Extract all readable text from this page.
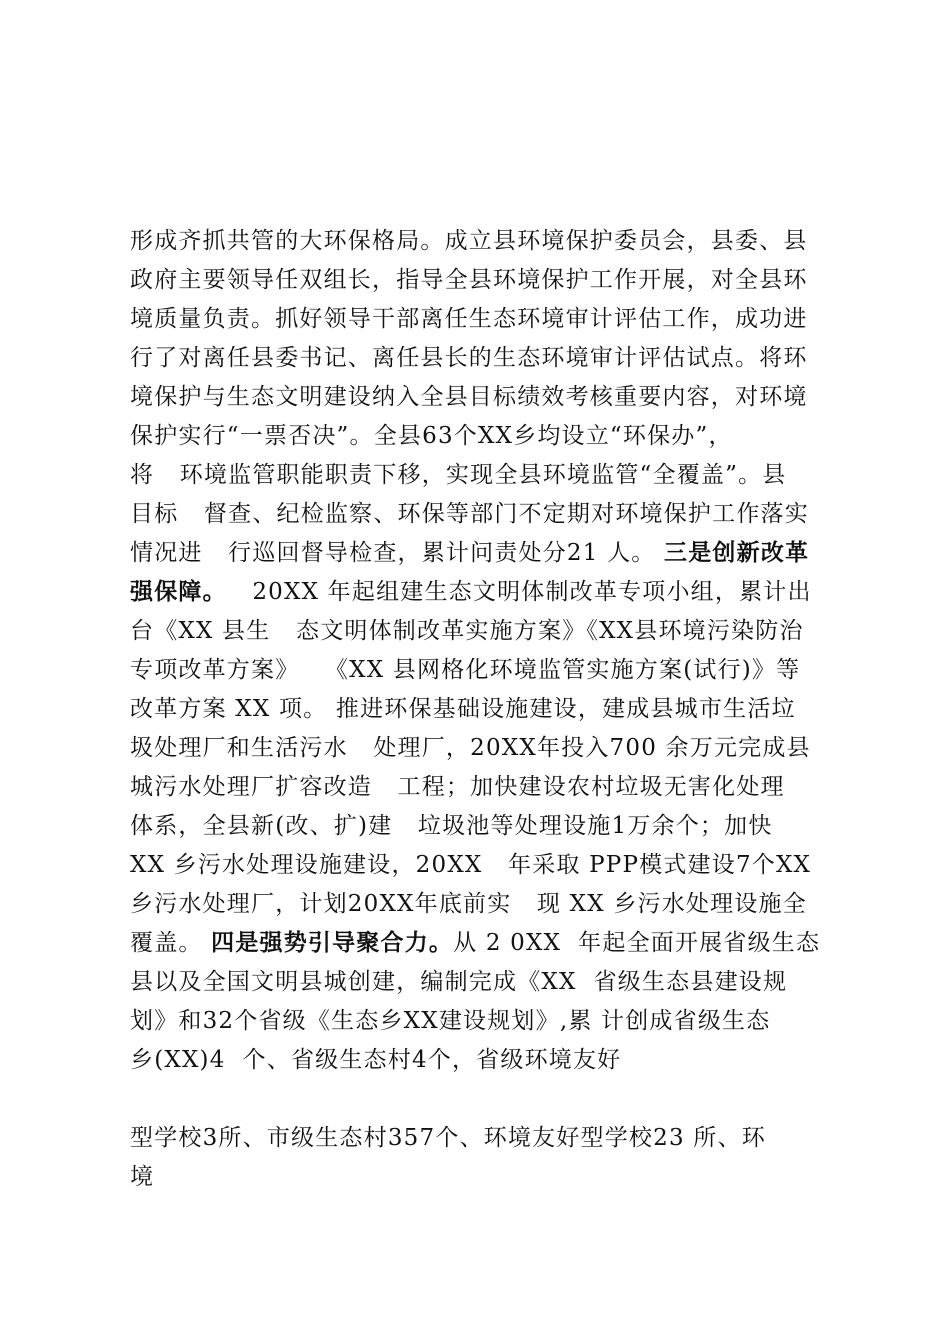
形成齐抓共管的大环保格局。成立县环境保护委员会，县委、县
政府主要领导任双组长，指导全县环境保护工作开展，对全县环
境质量负责。抓好领导干部离任生态环境审计评估工作，成功进
行了对离任县委书记、离任县长的生态环境审计评估试点。将环
境保护与生态文明建设纳入全县目标绩效考核重要内容，对环境
保护实行“一票否决”。全县63个XX乡均设立“环保办”，
将   环境监管职能职责下移，实现全县环境监管“全覆盖”。县
目标   督查、纪检监察、环保等部门不定期对环境保护工作落实
情况进   行巡回督导检查，累计问责处分21 人。 三是创新改革
强保障。   20XX 年起组建生态文明体制改革专项小组，累计出
台《XX 县生   态文明体制改革实施方案》《XX县环境污染防治
专项改革方案》   《XX 县网格化环境监管实施方案(试行)》等
改革方案 XX 项。 推进环保基础设施建设，建成县城市生活垃
圾处理厂和生活污水   处理厂，20XX年投入700 余万元完成县
城污水处理厂扩容改造   工程；加快建设农村垃圾无害化处理
体系，全县新(改、扩)建   垃圾池等处理设施1万余个；加快
XX 乡污水处理设施建设，20XX   年采取 PPP模式建设7个XX
乡污水处理厂，计划20XX年底前实   现 XX 乡污水处理设施全
覆盖。 四是强势引导聚合力。从 2 0XX  年起全面开展省级生态
县以及全国文明县城创建，编制完成《XX  省级生态县建设规
划》和32个省级《生态乡XX建设规划》,累 计创成省级生态
乡(XX)4  个、省级生态村4个，省级环境友好
型学校3所、市级生态村357个、环境友好型学校23 所、环
境
